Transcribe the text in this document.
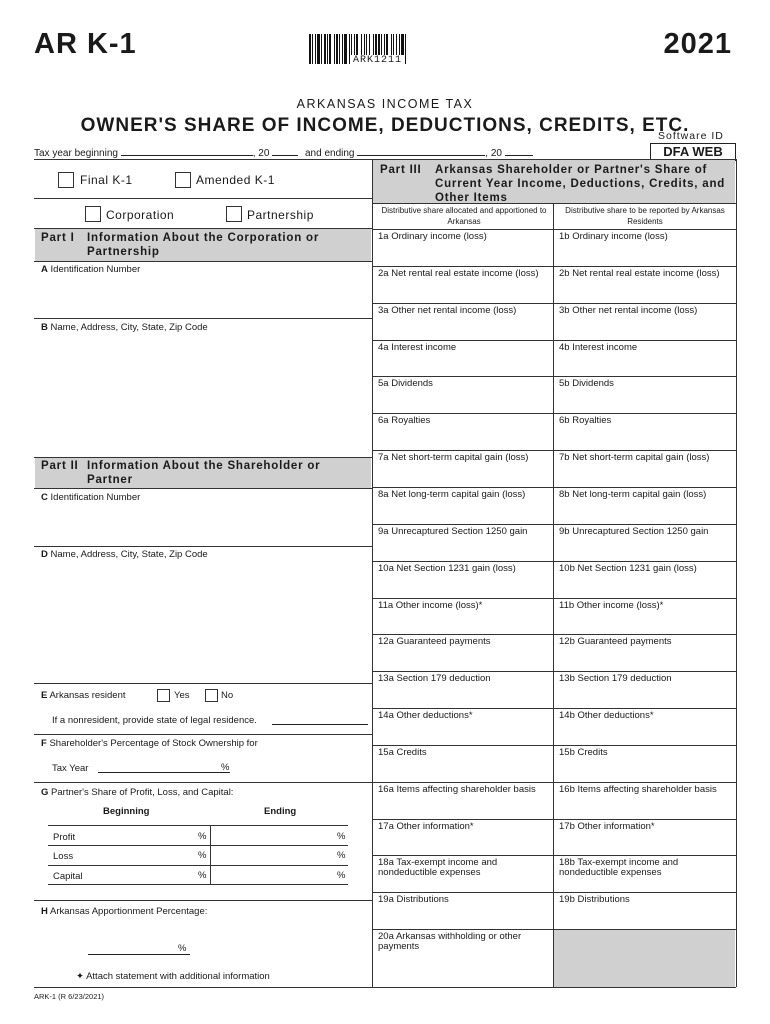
AR K-1	2021
ARK1211
ARKANSAS INCOME TAX
OWNER'S SHARE OF INCOME, DEDUCTIONS, CREDITS, ETC.
Software ID
DFA WEB
Tax year beginning	, 20	and ending	, 20
Final K-1	Amended K-1
Corporation	Partnership
Part I	Information About the Corporation or Partnership
A Identification Number
B Name, Address, City, State, Zip Code
Part II Information About the Shareholder or Partner
C Identification Number
D Name, Address, City, State, Zip Code
E Arkansas resident	Yes	No
If a nonresident, provide state of legal residence.
F Shareholder's Percentage of Stock Ownership for
Tax Year	%
G Partner's Share of Profit, Loss, and Capital:
Beginning	Ending
Profit	%	%
Loss	%	%
Capital	%	%
H Arkansas Apportionment Percentage:
%
✦ Attach statement with additional information
Part III	Arkansas Shareholder or Partner's Share of Current Year Income, Deductions, Credits, and Other Items
Distributive share allocated and apportioned to Arkansas
Distributive share to be reported by Arkansas Residents
1a Ordinary income (loss)	1b Ordinary income (loss)
2a Net rental real estate income (loss)	2b Net rental real estate income (loss)
3a Other net rental income (loss)	3b Other net rental income (loss)
4a Interest income	4b Interest income
5a Dividends	5b Dividends
6a Royalties	6b Royalties
7a Net short-term capital gain (loss)	7b Net short-term capital gain (loss)
8a Net long-term capital gain (loss)	8b Net long-term capital gain (loss)
9a Unrecaptured Section 1250 gain	9b Unrecaptured Section 1250 gain
10a Net Section 1231 gain (loss)	10b Net Section 1231 gain (loss)
11a Other income (loss)*	11b Other income (loss)*
12a Guaranteed payments	12b Guaranteed payments
13a Section 179 deduction	13b Section 179 deduction
14a Other deductions*	14b Other deductions*
15a Credits	15b Credits
16a Items affecting shareholder basis	16b Items affecting shareholder basis
17a Other information*	17b Other information*
18a Tax-exempt income and nondeductible expenses
18b Tax-exempt income and nondeductible expenses
19a Distributions	19b Distributions
20a Arkansas withholding or other payments
ARK-1 (R 6/23/2021)
